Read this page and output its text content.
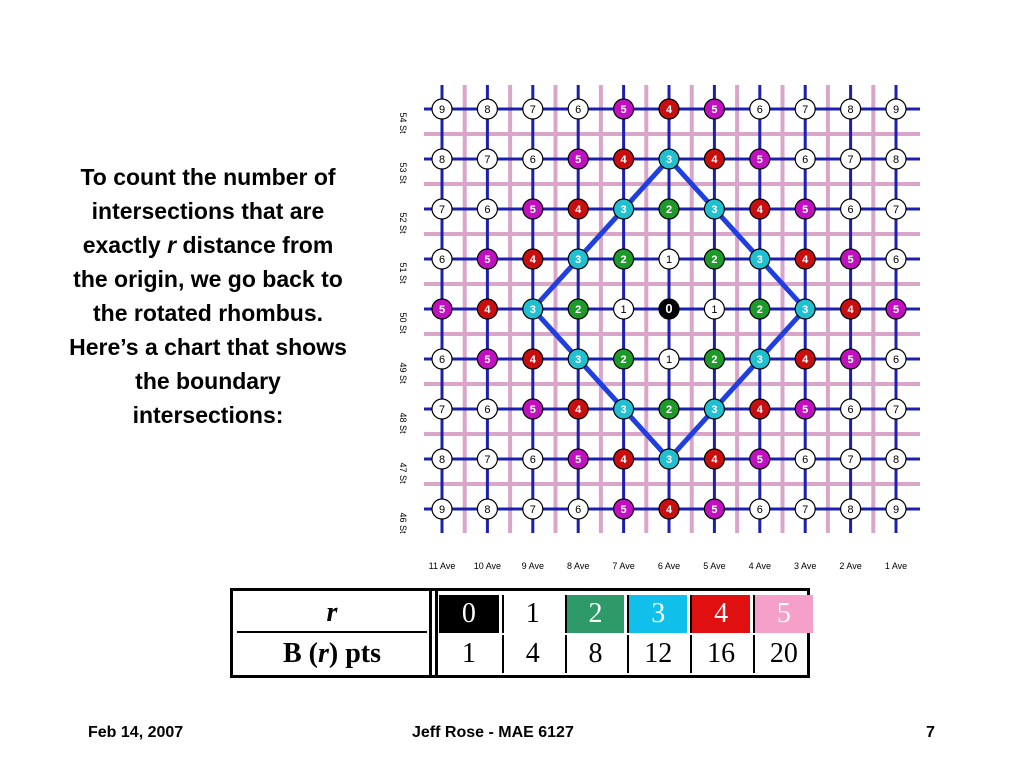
To count the number of
intersections that are
exactly r distance from
the origin, we go back to
the rotated rhombus.
Here’s a chart that shows
the boundary
intersections:
9	8	7	6	5	4	5	6	7	8	9
8	7	6	5	4	3	4	5	6	7	8
7	6	5	4	3	2	3	4	5	6	7
6	5	4	3	2	1	2	3	4	5	6
5	4	3	2	1	0	1	2	3	4	5
6	5	4	3	2	1	2	3	4	5	6
7	6	5	4	3	2	3	4	5	6	7
8	7	6	5	4	3	4	5	6	7	8
9	8	7	6	5	4	5	6	7	8	9
11 Ave 10 Ave 9 Ave	8 Ave	7 Ave	6 Ave	5 Ave	4 Ave	3 Ave	2 Ave	1 Ave
54 St
53 St
52 St
51 St
50 St
49 St
48 St
47 St
46 St
r
B ( r ) pts
0	1	2	3	4	5
1	4	8	12	16	20
Feb 14, 2007	Jeff Rose - MAE 6127	7
